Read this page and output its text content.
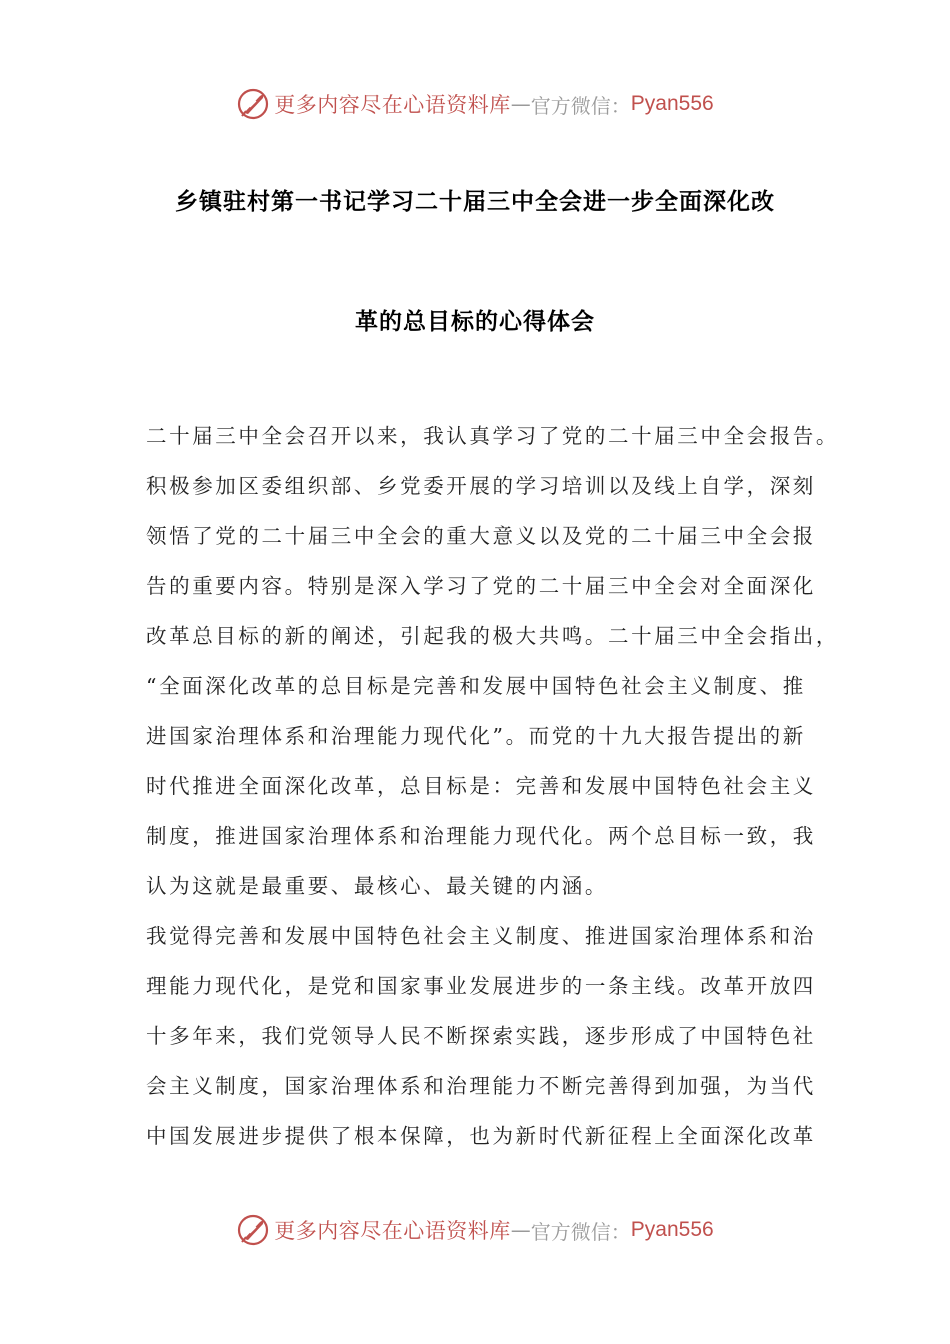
更多内容尽在心语资料库 — 官方微信： Pyan556
乡镇驻村第一书记学习二十届三中全会进一步全面深化改
革的总目标的心得体会
二十届三中全会召开以来，我认真学习了党的二十届三中全会报告。
积极参加区委组织部、乡党委开展的学习培训以及线上自学，深刻
领悟了党的二十届三中全会的重大意义以及党的二十届三中全会报
告的重要内容。特别是深入学习了党的二十届三中全会对全面深化
改革总目标的新的阐述，引起我的极大共鸣。二十届三中全会指出，
“全面深化改革的总目标是完善和发展中国特色社会主义制度、推
进国家治理体系和治理能力现代化”。而党的十九大报告提出的新
时代推进全面深化改革，总目标是：完善和发展中国特色社会主义
制度，推进国家治理体系和治理能力现代化。两个总目标一致，我
认为这就是最重要、最核心、最关键的内涵。
我觉得完善和发展中国特色社会主义制度、推进国家治理体系和治
理能力现代化，是党和国家事业发展进步的一条主线。改革开放四
十多年来，我们党领导人民不断探索实践，逐步形成了中国特色社
会主义制度，国家治理体系和治理能力不断完善得到加强，为当代
中国发展进步提供了根本保障，也为新时代新征程上全面深化改革
更多内容尽在心语资料库 — 官方微信： Pyan556
